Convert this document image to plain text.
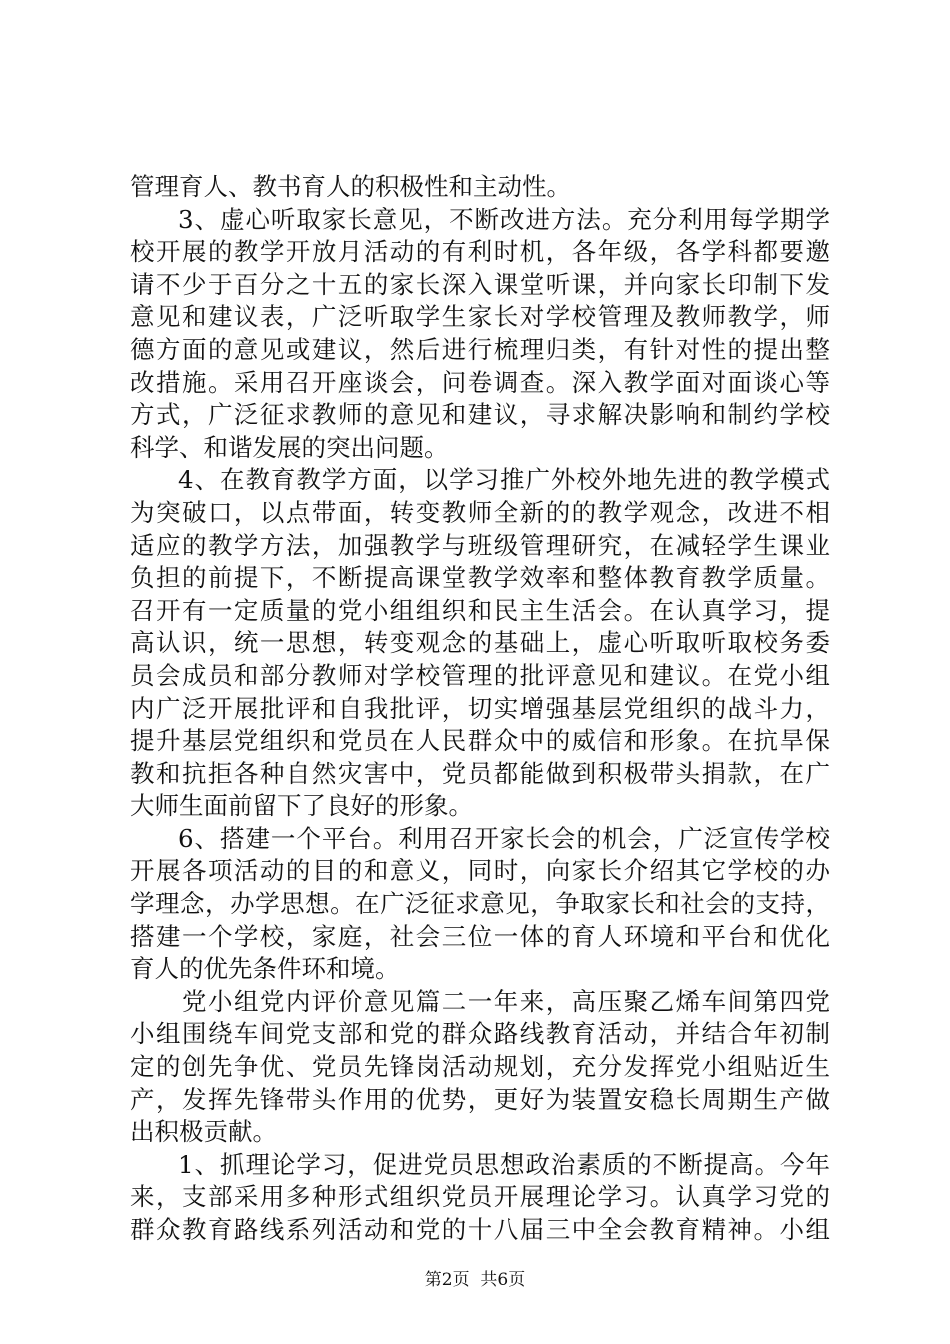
管理育人、教书育人的积极性和主动性。
3、虚心听取家长意见，不断改进方法。充分利用每学期学
校开展的教学开放月活动的有利时机，各年级，各学科都要邀
请不少于百分之十五的家长深入课堂听课，并向家长印制下发
意见和建议表，广泛听取学生家长对学校管理及教师教学，师
德方面的意见或建议，然后进行梳理归类，有针对性的提出整
改措施。采用召开座谈会，问卷调查。深入教学面对面谈心等
方式，广泛征求教师的意见和建议，寻求解决影响和制约学校
科学、和谐发展的突出问题。
4、在教育教学方面，以学习推广外校外地先进的教学模式
为突破口，以点带面，转变教师全新的的教学观念，改进不相
适应的教学方法，加强教学与班级管理研究，在减轻学生课业
负担的前提下，不断提高课堂教学效率和整体教育教学质量。
召开有一定质量的党小组组织和民主生活会。在认真学习，提
高认识，统一思想，转变观念的基础上，虚心听取听取校务委
员会成员和部分教师对学校管理的批评意见和建议。在党小组
内广泛开展批评和自我批评，切实增强基层党组织的战斗力，
提升基层党组织和党员在人民群众中的威信和形象。在抗旱保
教和抗拒各种自然灾害中，党员都能做到积极带头捐款，在广
大师生面前留下了良好的形象。
6、搭建一个平台。利用召开家长会的机会，广泛宣传学校
开展各项活动的目的和意义，同时，向家长介绍其它学校的办
学理念，办学思想。在广泛征求意见，争取家长和社会的支持，
搭建一个学校，家庭，社会三位一体的育人环境和平台和优化
育人的优先条件环和境。
党小组党内评价意见篇二一年来，高压聚乙烯车间第四党
小组围绕车间党支部和党的群众路线教育活动，并结合年初制
定的创先争优、党员先锋岗活动规划，充分发挥党小组贴近生
产，发挥先锋带头作用的优势，更好为装置安稳长周期生产做
出积极贡献。
1、抓理论学习，促进党员思想政治素质的不断提高。今年
来，支部采用多种形式组织党员开展理论学习。认真学习党的
群众教育路线系列活动和党的十八届三中全会教育精神。小组
第2页  共6页
